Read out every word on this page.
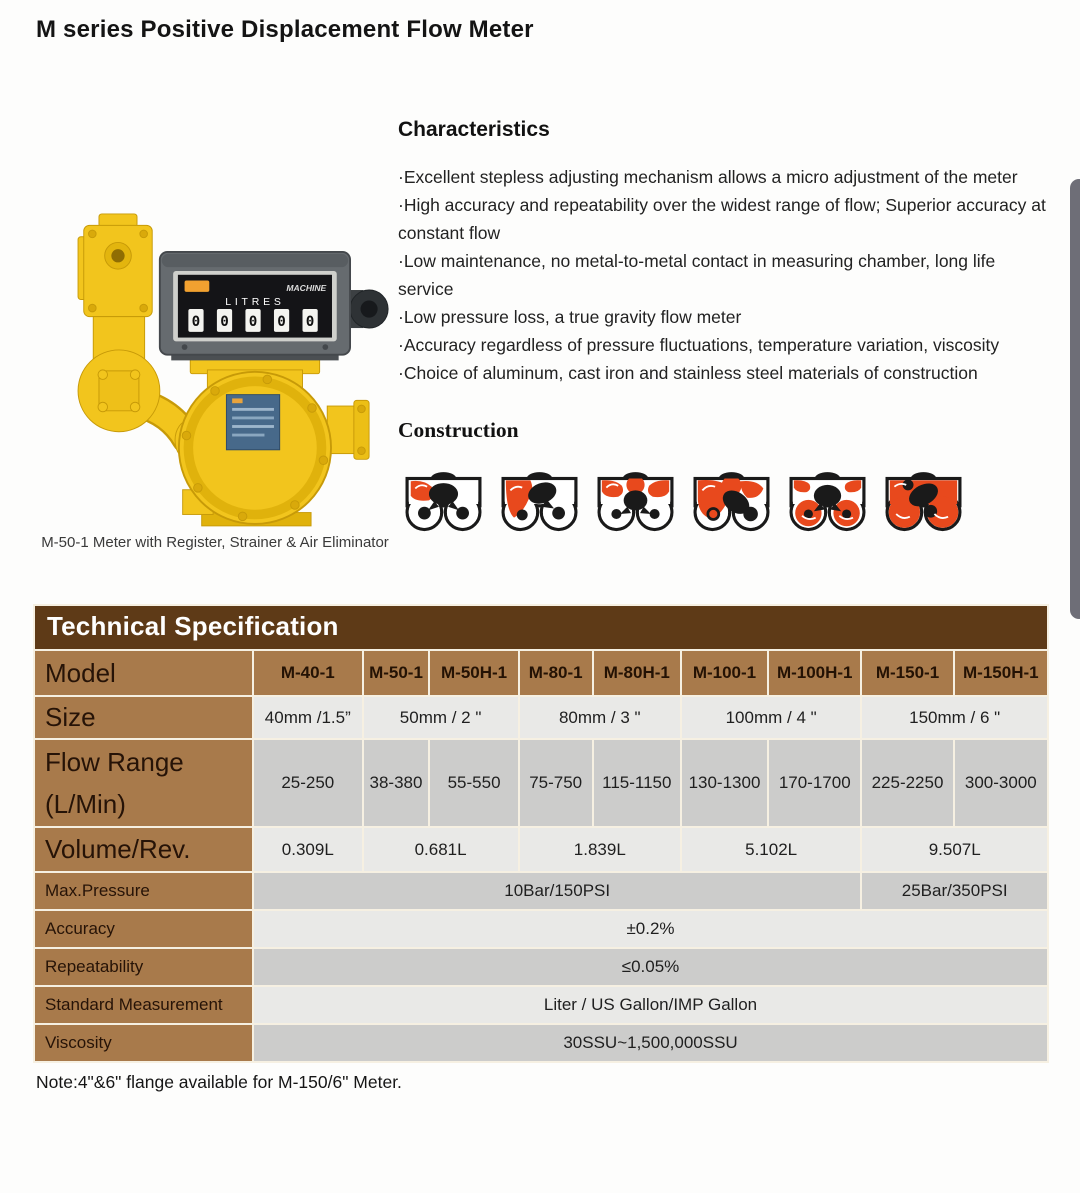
M series Positive Displacement Flow Meter
MACHINE
LITRES
0 0 0 0 0
M-50-1 Meter with Register, Strainer & Air Eliminator
Characteristics

·Excellent stepless adjusting mechanism allows a micro adjustment of the meter

·High accuracy and repeatability over the widest range of flow; Superior accuracy at constant flow

·Low maintenance, no metal-to-metal contact in measuring chamber, long life service

·Low pressure loss, a true gravity flow meter

·Accuracy regardless of pressure fluctuations, temperature variation, viscosity

·Choice of aluminum, cast iron and stainless steel materials of construction

Construction
Technical Specification									
Model	M-40-1	M-50-1	M-50H-1	M-80-1	M-80H-1	M-100-1	M-100H-1	M-150-1	M-150H-1
Size	40mm /1.5”	50mm / 2 "		80mm / 3 "		100mm / 4 "		150mm / 6 "	

Flow Range
(L/Min)	25-250	38-380	55-550	75-750	115-1150	130-1300	170-1700	225-2250	300-3000
Volume/Rev.	0.309L	0.681L		1.839L		5.102L		9.507L	
Max.Pressure	10Bar/150PSI							25Bar/350PSI	
Accuracy	±0.2%								
Repeatability	≤0.05%								
Standard Measurement	Liter / US Gallon/IMP Gallon								
Viscosity	30SSU~1,500,000SSU								
Note:4"&6" flange available for M-150/6" Meter.
